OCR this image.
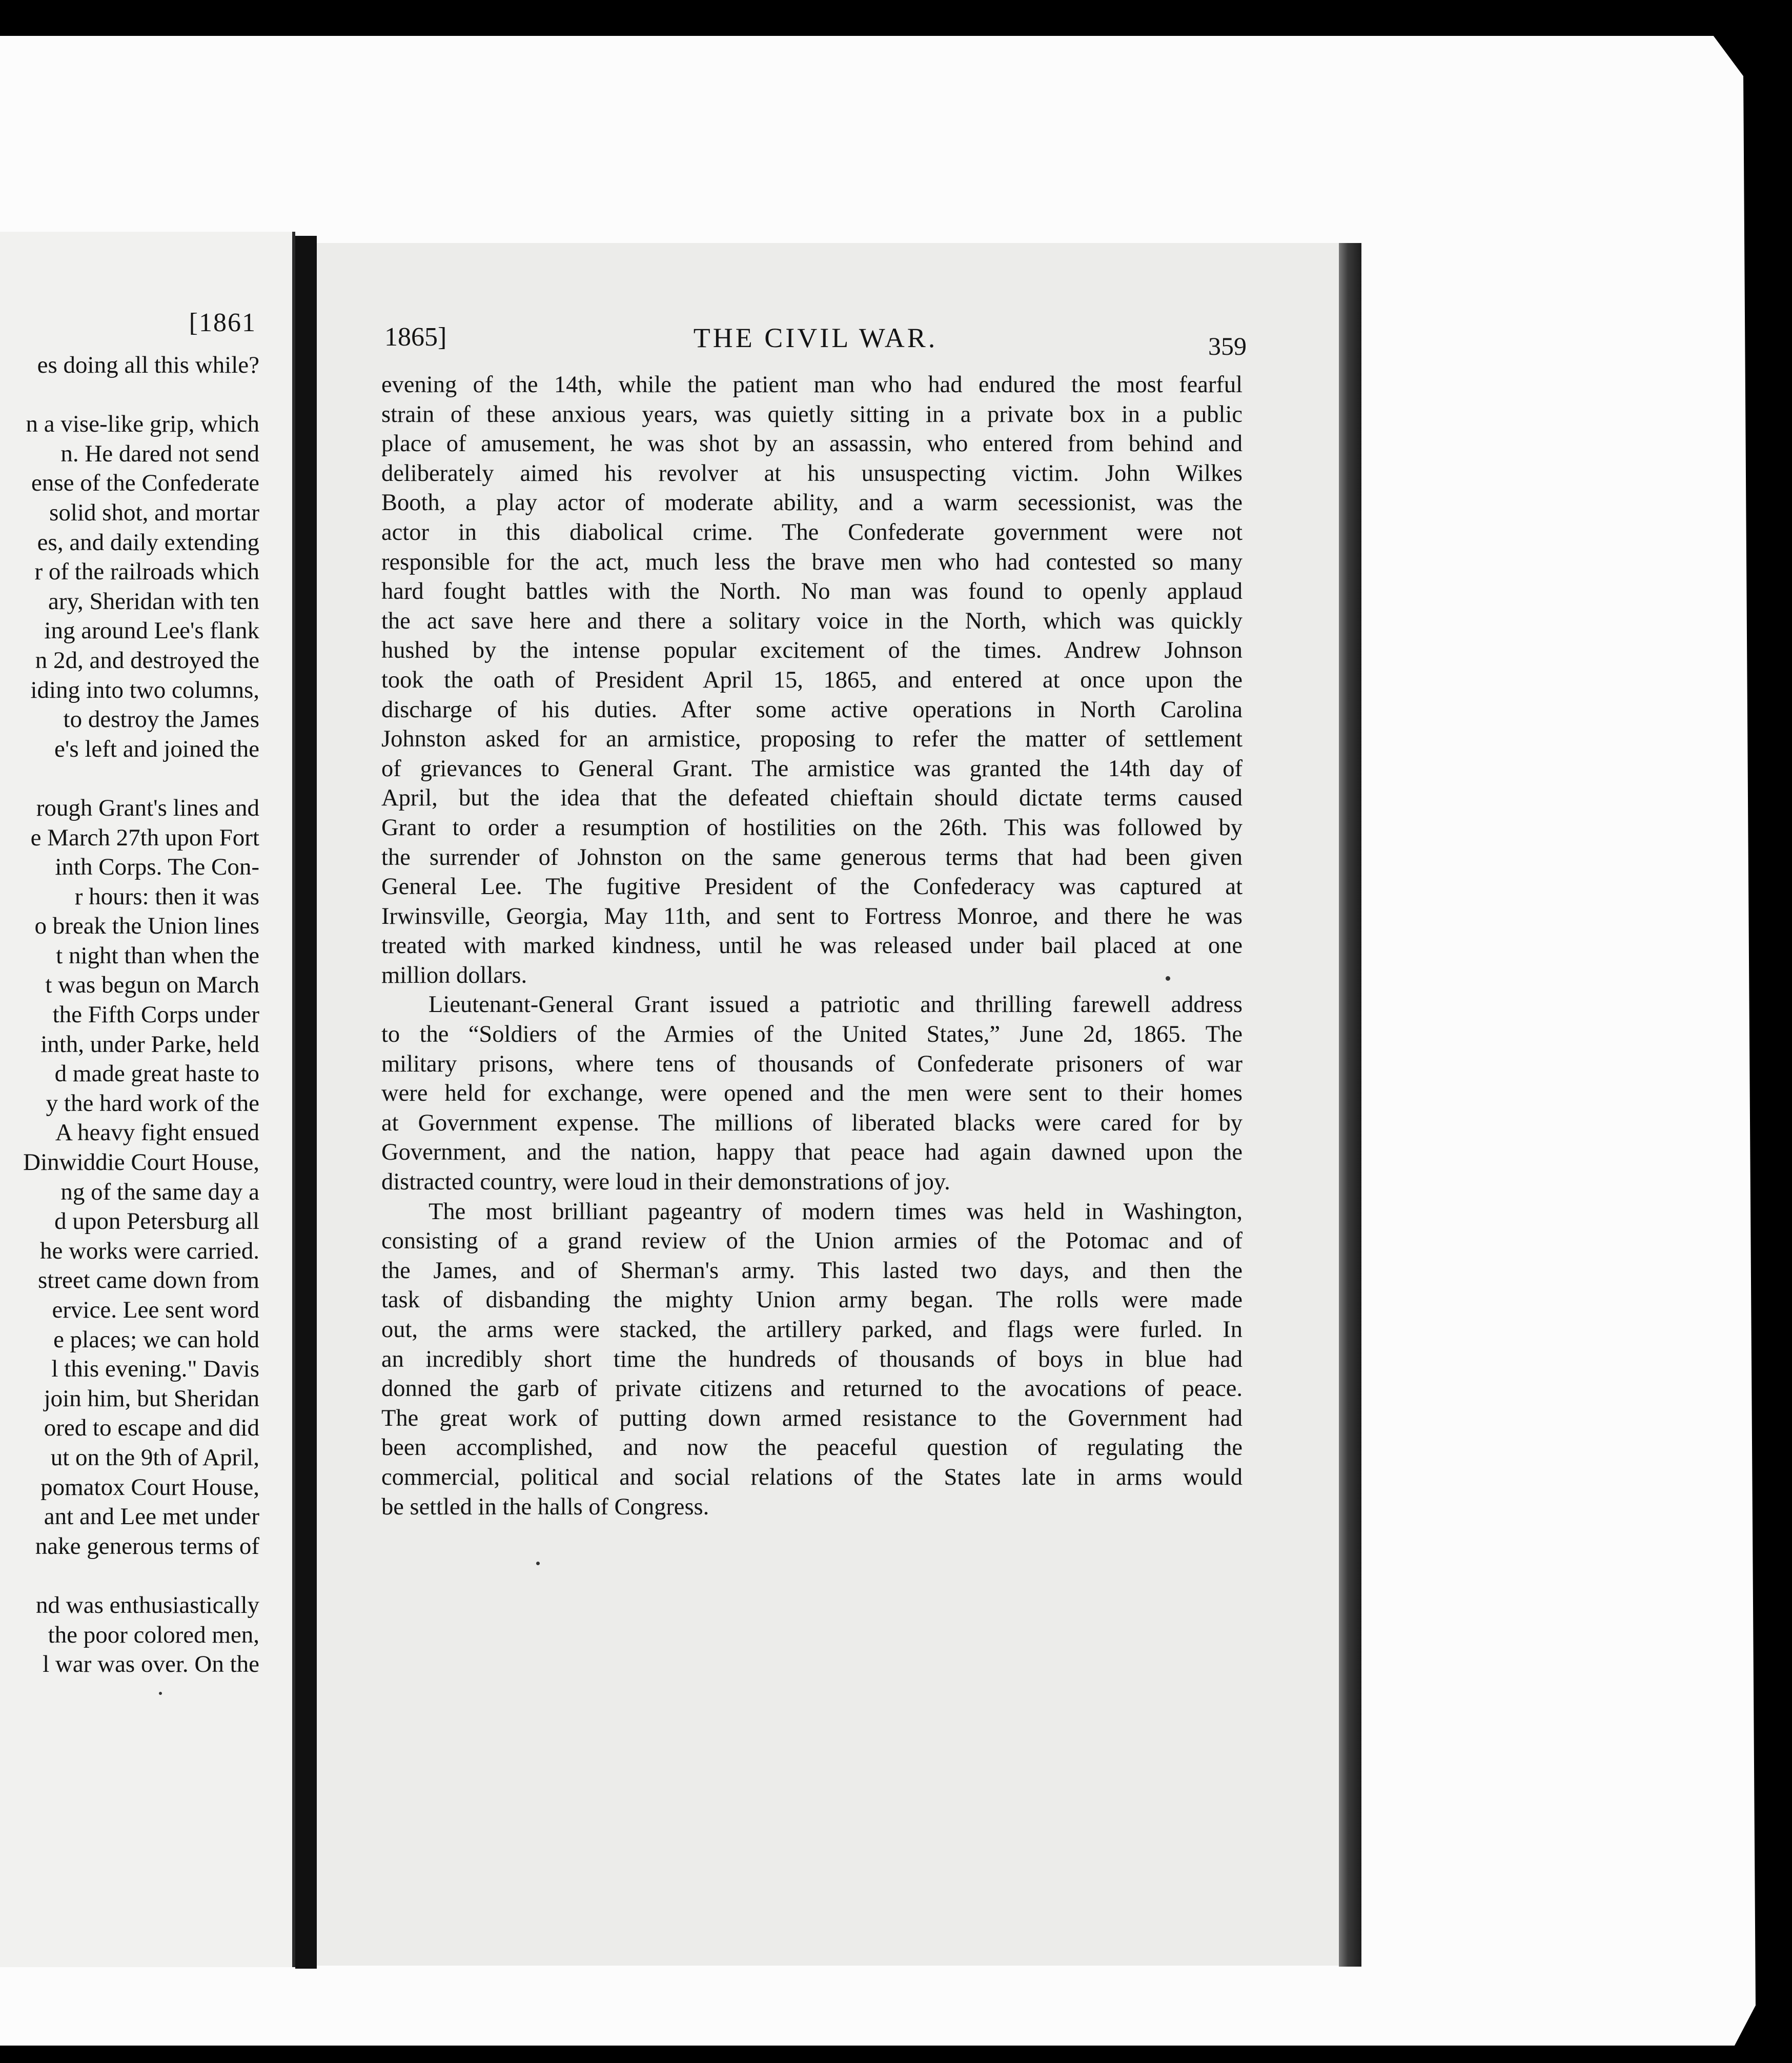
[1861
es doing all this while?
n a vise-like grip, which
n. He dared not send
ense of the Confederate
solid shot, and mortar
es, and daily extending
r of the railroads which
ary, Sheridan with ten
ing around Lee's flank
n 2d, and destroyed the
iding into two columns,
to destroy the James
e's left and joined the
rough Grant's lines and
e March 27th upon Fort
inth Corps. The Con-
r hours: then it was
o break the Union lines
t night than when the
t was begun on March
the Fifth Corps under
inth, under Parke, held
d made great haste to
y the hard work of the
A heavy fight ensued
Dinwiddie Court House,
ng of the same day a
d upon Petersburg all
he works were carried.
street came down from
ervice. Lee sent word
e places; we can hold
l this evening." Davis
join him, but Sheridan
ored to escape and did
ut on the 9th of April,
pomatox Court House,
ant and Lee met under
nake generous terms of
nd was enthusiastically
the poor colored men,
l war was over. On the
1865]	THE CIVIL WAR.	359
evening of the 14th, while the patient man who had endured the most fearful
strain of these anxious years, was quietly sitting in a private box in a public
place of amusement, he was shot by an assassin, who entered from behind and
deliberately aimed his revolver at his unsuspecting victim. John Wilkes
Booth, a play actor of moderate ability, and a warm secessionist, was the
actor in this diabolical crime. The Confederate government were not
responsible for the act, much less the brave men who had contested so many
hard fought battles with the North. No man was found to openly applaud
the act save here and there a solitary voice in the North, which was quickly
hushed by the intense popular excitement of the times. Andrew Johnson
took the oath of President April 15, 1865, and entered at once upon the
discharge of his duties. After some active operations in North Carolina
Johnston asked for an armistice, proposing to refer the matter of settlement
of grievances to General Grant. The armistice was granted the 14th day of
April, but the idea that the defeated chieftain should dictate terms caused
Grant to order a resumption of hostilities on the 26th. This was followed by
the surrender of Johnston on the same generous terms that had been given
General Lee. The fugitive President of the Confederacy was captured at
Irwinsville, Georgia, May 11th, and sent to Fortress Monroe, and there he was
treated with marked kindness, until he was released under bail placed at one
million dollars.
Lieutenant-General Grant issued a patriotic and thrilling farewell address
to the “Soldiers of the Armies of the United States,” June 2d, 1865. The
military prisons, where tens of thousands of Confederate prisoners of war
were held for exchange, were opened and the men were sent to their homes
at Government expense. The millions of liberated blacks were cared for by
Government, and the nation, happy that peace had again dawned upon the
distracted country, were loud in their demonstrations of joy.
The most brilliant pageantry of modern times was held in Washington,
consisting of a grand review of the Union armies of the Potomac and of
the James, and of Sherman's army. This lasted two days, and then the
task of disbanding the mighty Union army began. The rolls were made
out, the arms were stacked, the artillery parked, and flags were furled. In
an incredibly short time the hundreds of thousands of boys in blue had
donned the garb of private citizens and returned to the avocations of peace.
The great work of putting down armed resistance to the Government had
been accomplished, and now the peaceful question of regulating the
commercial, political and social relations of the States late in arms would
be settled in the halls of Congress.
